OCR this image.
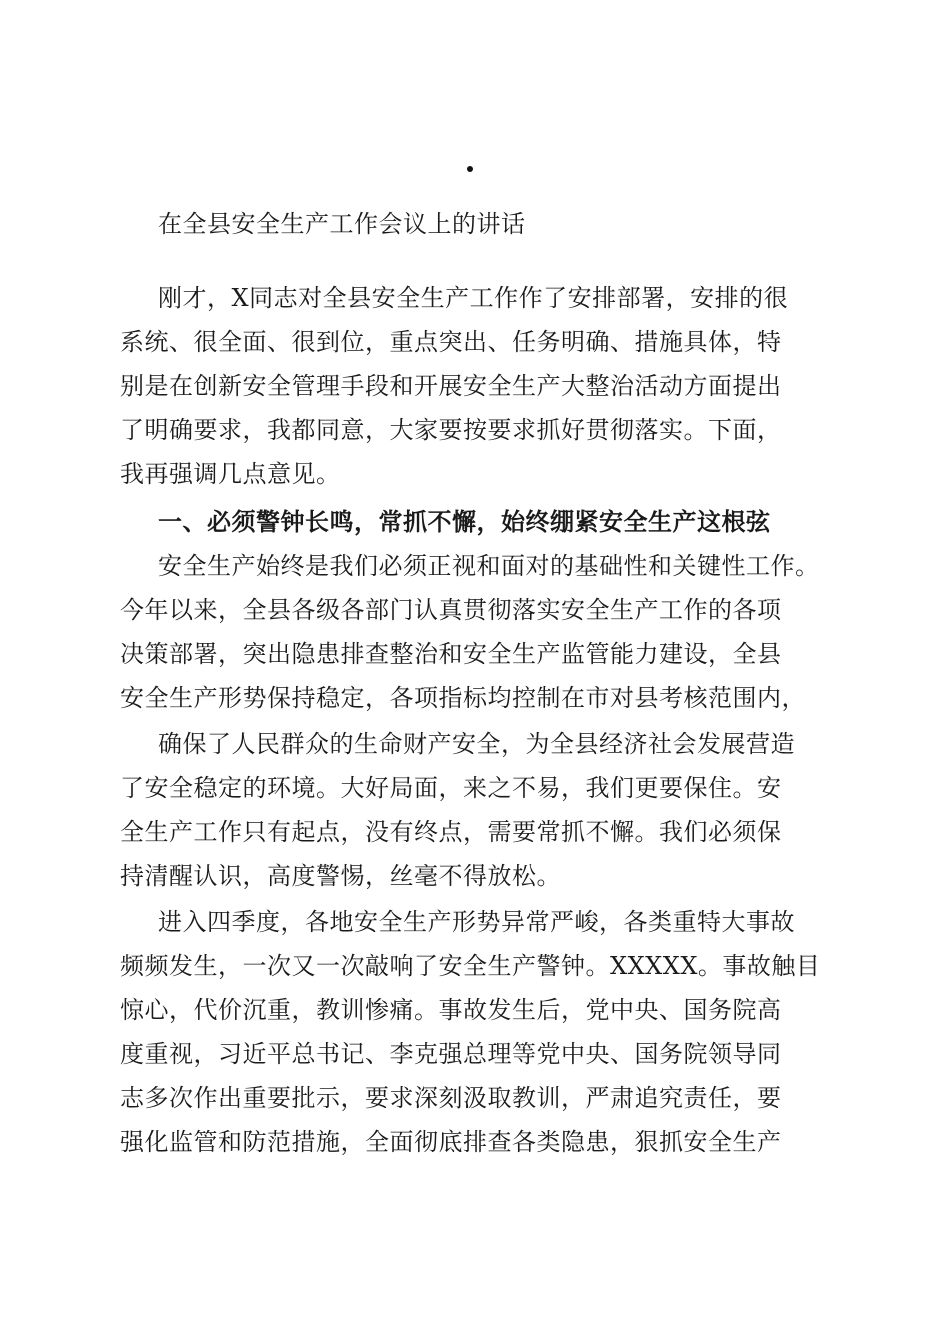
在全县安全生产工作会议上的讲话
刚才，X同志对全县安全生产工作作了安排部署，安排的很
系统、很全面、很到位，重点突出、任务明确、措施具体，特
别是在创新安全管理手段和开展安全生产大整治活动方面提出
了明确要求，我都同意，大家要按要求抓好贯彻落实。下面，
我再强调几点意见。
一、必须警钟长鸣，常抓不懈，始终绷紧安全生产这根弦
安全生产始终是我们必须正视和面对的基础性和关键性工作。
今年以来，全县各级各部门认真贯彻落实安全生产工作的各项
决策部署，突出隐患排查整治和安全生产监管能力建设，全县
安全生产形势保持稳定，各项指标均控制在市对县考核范围内，
确保了人民群众的生命财产安全，为全县经济社会发展营造
了安全稳定的环境。大好局面，来之不易，我们更要保住。安
全生产工作只有起点，没有终点，需要常抓不懈。我们必须保
持清醒认识，高度警惕，丝毫不得放松。
进入四季度，各地安全生产形势异常严峻，各类重特大事故
频频发生，一次又一次敲响了安全生产警钟。XXXXX。事故触目
惊心，代价沉重，教训惨痛。事故发生后，党中央、国务院高
度重视，习近平总书记、李克强总理等党中央、国务院领导同
志多次作出重要批示，要求深刻汲取教训，严肃追究责任，要
强化监管和防范措施，全面彻底排查各类隐患，狠抓安全生产
